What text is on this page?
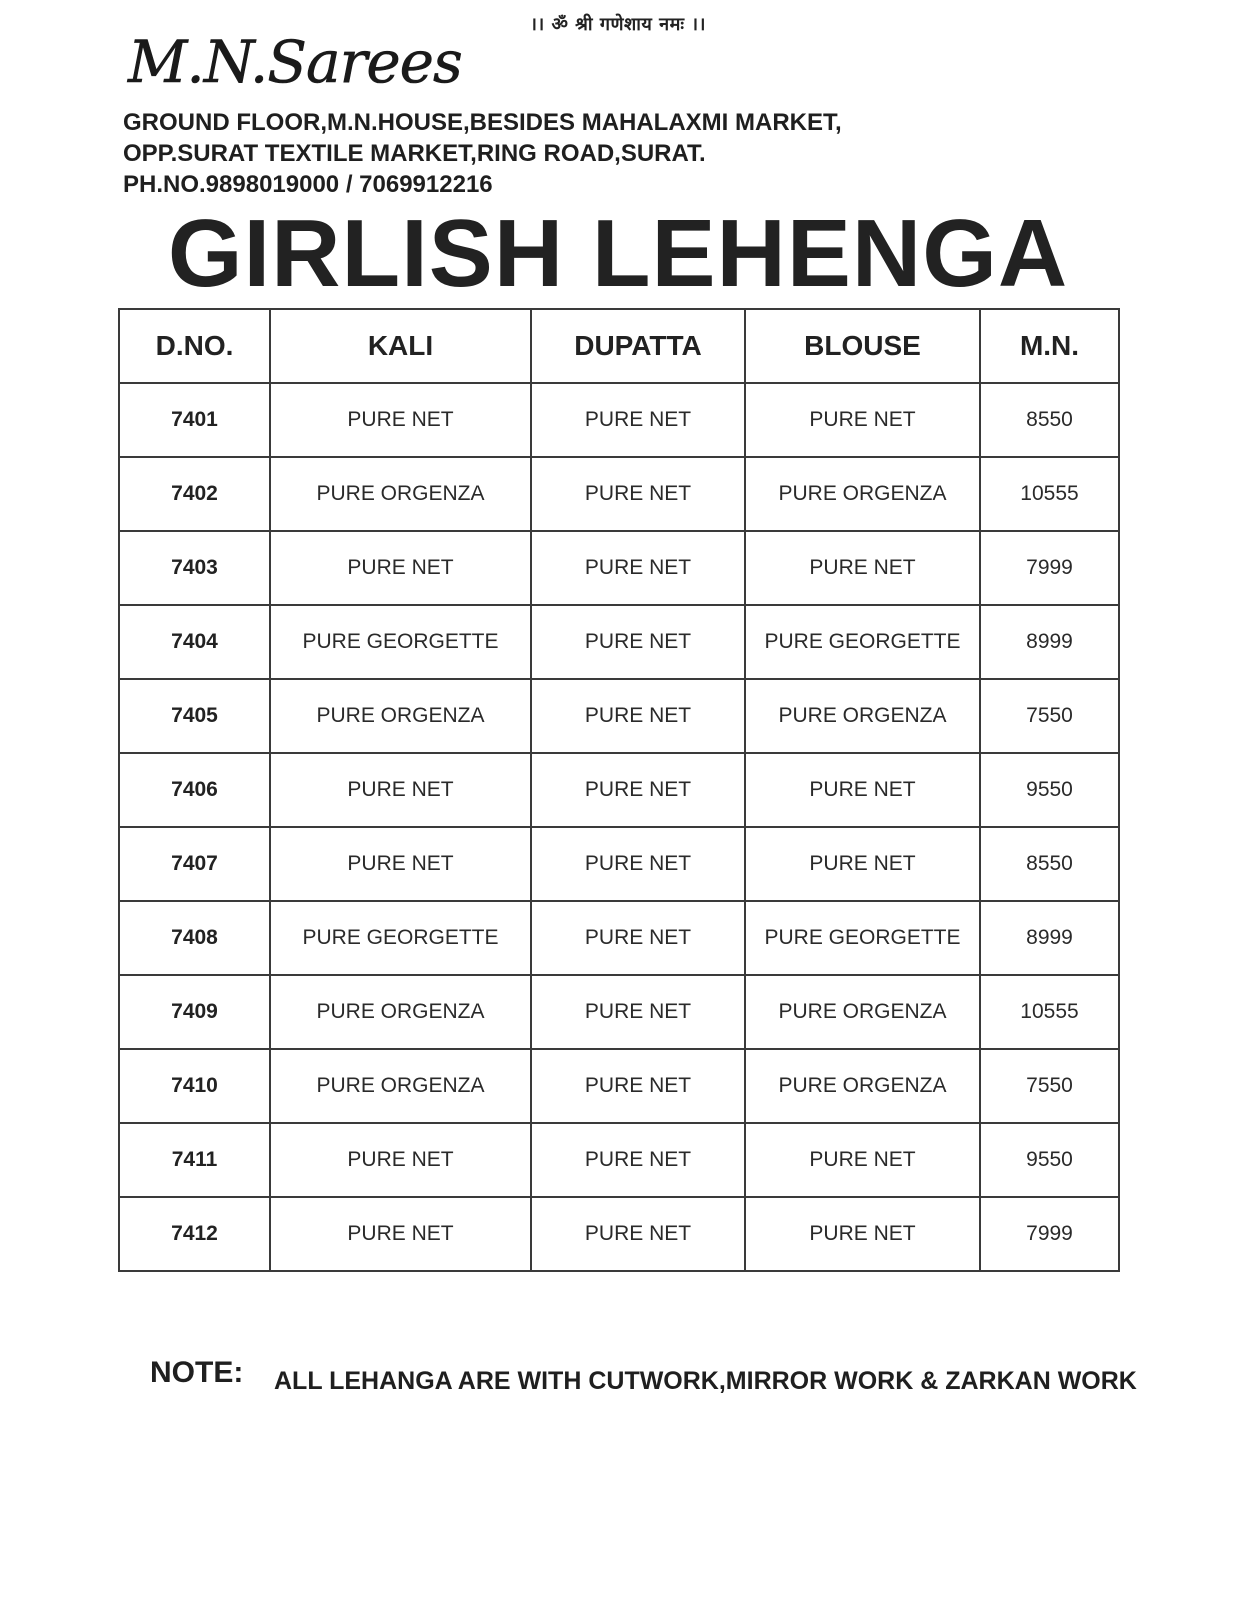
।। ॐ श्री गणेशाय नमः ।।
M.N.Sarees
GROUND FLOOR,M.N.HOUSE,BESIDES MAHALAXMI MARKET,
OPP.SURAT TEXTILE MARKET,RING ROAD,SURAT.
PH.NO.9898019000 / 7069912216
GIRLISH LEHENGA
D.NO.	KALI	DUPATTA	BLOUSE	M.N.
7401	PURE NET	PURE NET	PURE NET	8550
7402	PURE ORGENZA	PURE NET	PURE ORGENZA	10555
7403	PURE NET	PURE NET	PURE NET	7999
7404	PURE GEORGETTE	PURE NET	PURE GEORGETTE	8999
7405	PURE ORGENZA	PURE NET	PURE ORGENZA	7550
7406	PURE NET	PURE NET	PURE NET	9550
7407	PURE NET	PURE NET	PURE NET	8550
7408	PURE GEORGETTE	PURE NET	PURE GEORGETTE	8999
7409	PURE ORGENZA	PURE NET	PURE ORGENZA	10555
7410	PURE ORGENZA	PURE NET	PURE ORGENZA	7550
7411	PURE NET	PURE NET	PURE NET	9550
7412	PURE NET	PURE NET	PURE NET	7999
NOTE: ALL LEHANGA ARE WITH CUTWORK,MIRROR WORK & ZARKAN WORK
